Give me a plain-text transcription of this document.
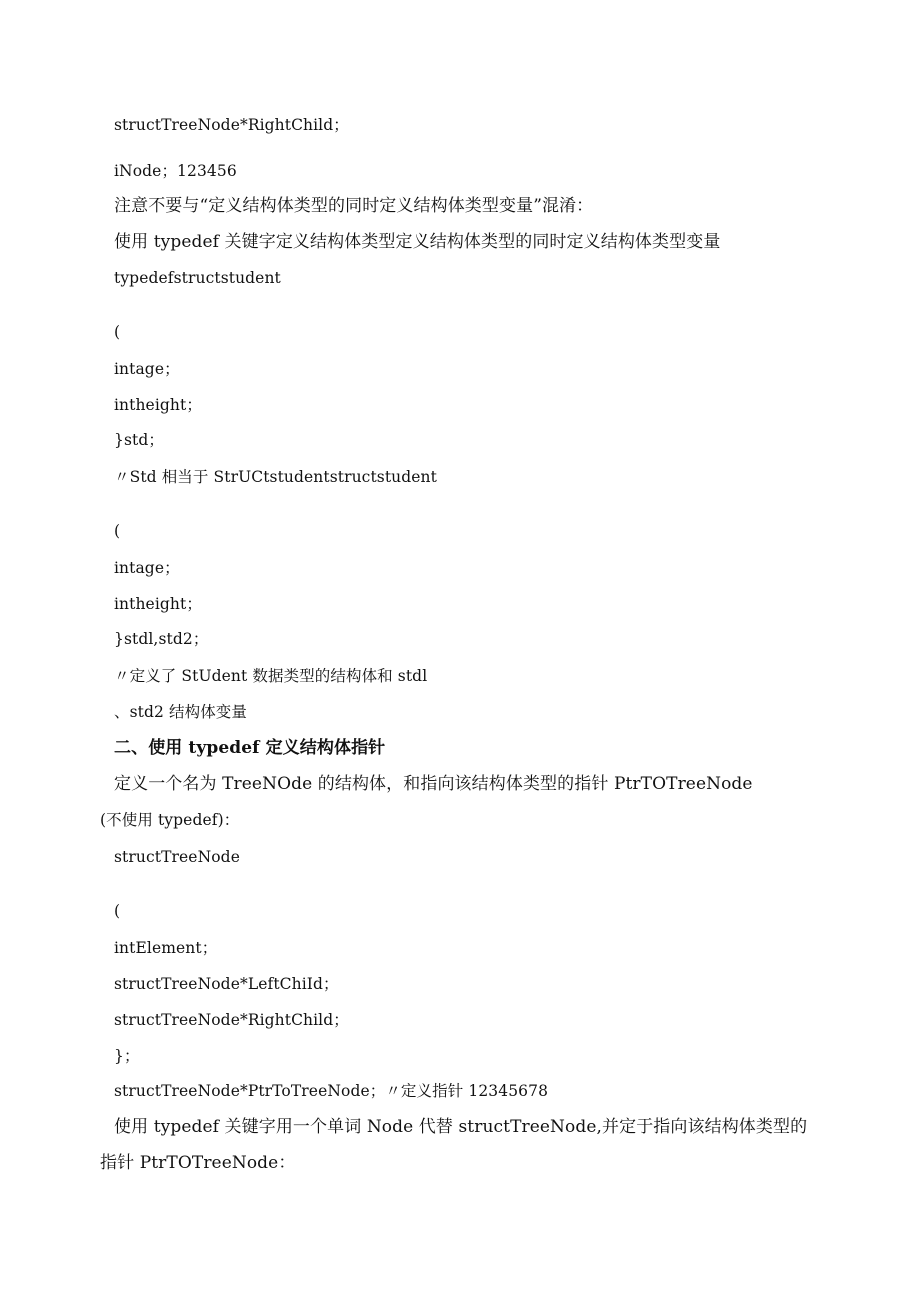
structTreeNode*RightChild；
iNode；123456
注意不要与“定义结构体类型的同时定义结构体类型变量”混淆：
使用 typedef 关键字定义结构体类型定义结构体类型的同时定义结构体类型变量
typedefstructstudent
(
intage；
intheight；
}std；
〃Std 相当于 StrUCtstudentstructstudent
(
intage；
intheight；
}stdl,std2；
〃定义了 StUdent 数据类型的结构体和 stdl
、std2 结构体变量
二、使用 typedef 定义结构体指针
定义一个名为 TreeNOde 的结构体，和指向该结构体类型的指针 PtrTOTreeNode
(不使用 typedef)：
structTreeNode
(
intElement；
structTreeNode*LeftChiId；
structTreeNode*RightChild；
}；
structTreeNode*PtrToTreeNode；〃定义指针 12345678
使用 typedef 关键字用一个单词 Node 代替 structTreeNode,并定于指向该结构体类型的
指针 PtrTOTreeNode：
